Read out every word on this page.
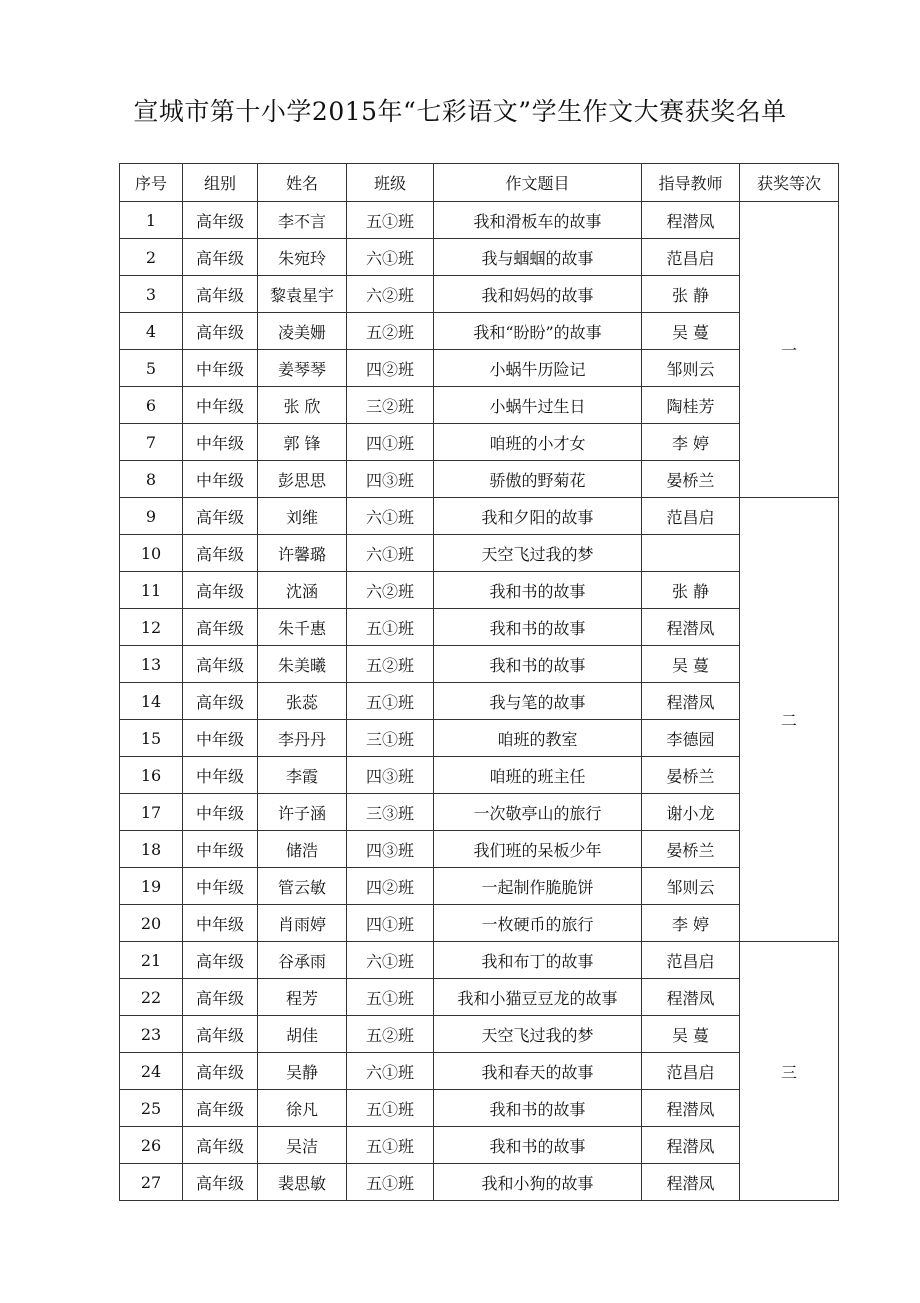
宣城市第十小学2015年“七彩语文”学生作文大赛获奖名单
序号	组别	姓名	班级	作文题目	指导教师	获奖等次
1	高年级	李不言	五①班	我和滑板车的故事	程潜凤	一
2	高年级	朱宛玲	六①班	我与蝈蝈的故事	范昌启	
3	高年级	黎袁星宇	六②班	我和妈妈的故事	张 静	
4	高年级	凌美姗	五②班	我和“盼盼”的故事	吴 蔓	
5	中年级	姜琴琴	四②班	小蜗牛历险记	邹则云	
6	中年级	张 欣	三②班	小蜗牛过生日	陶桂芳	
7	中年级	郭 锋	四①班	咱班的小才女	李 婷	
8	中年级	彭思思	四③班	骄傲的野菊花	晏桥兰	
9	高年级	刘维	六①班	我和夕阳的故事	范昌启	二
10	高年级	许馨璐	六①班	天空飞过我的梦		
11	高年级	沈涵	六②班	我和书的故事	张 静	
12	高年级	朱千惠	五①班	我和书的故事	程潜凤	
13	高年级	朱美曦	五②班	我和书的故事	吴 蔓	
14	高年级	张蕊	五①班	我与笔的故事	程潜凤	
15	中年级	李丹丹	三①班	咱班的教室	李德园	
16	中年级	李霞	四③班	咱班的班主任	晏桥兰	
17	中年级	许子涵	三③班	一次敬亭山的旅行	谢小龙	
18	中年级	储浩	四③班	我们班的呆板少年	晏桥兰	
19	中年级	管云敏	四②班	一起制作脆脆饼	邹则云	
20	中年级	肖雨婷	四①班	一枚硬币的旅行	李 婷	
21	高年级	谷承雨	六①班	我和布丁的故事	范昌启	三
22	高年级	程芳	五①班	我和小猫豆豆龙的故事	程潜凤	
23	高年级	胡佳	五②班	天空飞过我的梦	吴 蔓	
24	高年级	吴静	六①班	我和春天的故事	范昌启	
25	高年级	徐凡	五①班	我和书的故事	程潜凤	
26	高年级	吴洁	五①班	我和书的故事	程潜凤	
27	高年级	裴思敏	五①班	我和小狗的故事	程潜凤	
